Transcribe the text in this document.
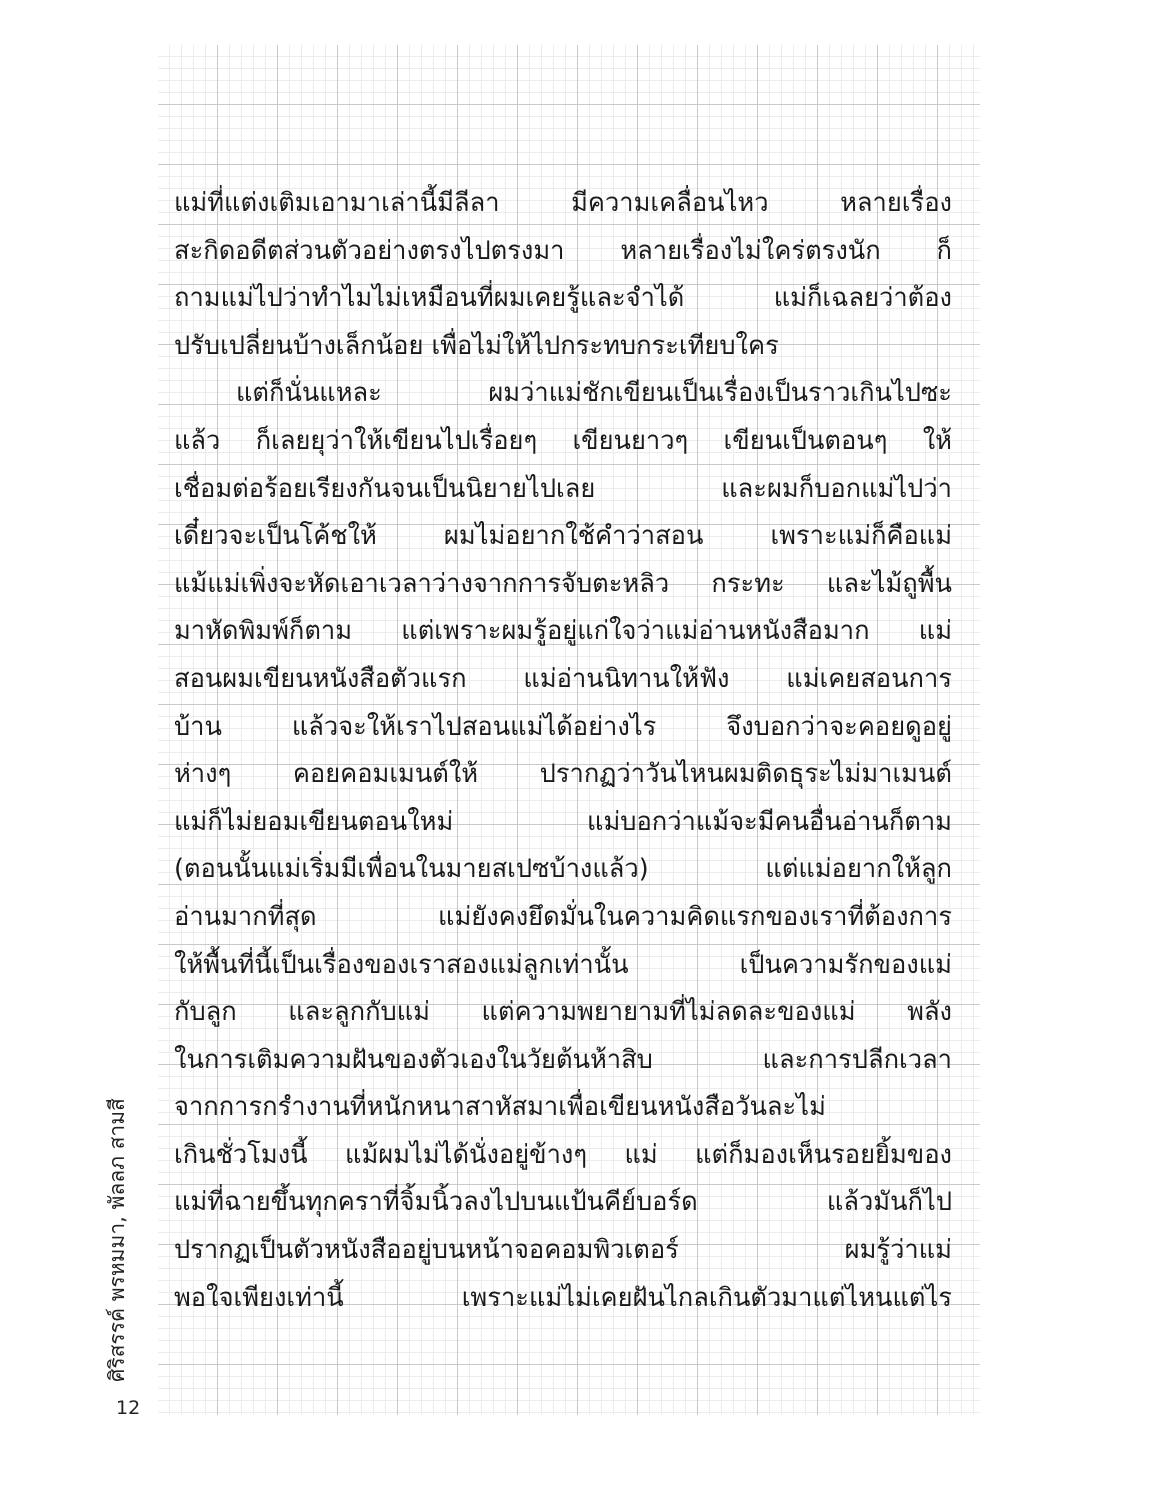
แม่ที่แต่งเติมเอามาเล่านี้มีลีลา มีความเคลื่อนไหว หลายเรื่อง

สะกิดอดีตส่วนตัวอย่างตรงไปตรงมา หลายเรื่องไม่ใคร่ตรงนัก ก็

ถามแม่ไปว่าทำไมไม่เหมือนที่ผมเคยรู้และจำได้ แม่ก็เฉลยว่าต้อง

ปรับเปลี่ยนบ้างเล็กน้อย เพื่อไม่ให้ไปกระทบกระเทียบใคร

แต่ก็นั่นแหละ ผมว่าแม่ชักเขียนเป็นเรื่องเป็นราวเกินไปซะ

แล้ว ก็เลยยุว่าให้เขียนไปเรื่อยๆ เขียนยาวๆ เขียนเป็นตอนๆ ให้

เชื่อมต่อร้อยเรียงกันจนเป็นนิยายไปเลย และผมก็บอกแม่ไปว่า

เดี๋ยวจะเป็นโค้ชให้ ผมไม่อยากใช้คำว่าสอน เพราะแม่ก็คือแม่

แม้แม่เพิ่งจะหัดเอาเวลาว่างจากการจับตะหลิว กระทะ และไม้ถูพื้น

มาหัดพิมพ์ก็ตาม แต่เพราะผมรู้อยู่แก่ใจว่าแม่อ่านหนังสือมาก แม่

สอนผมเขียนหนังสือตัวแรก แม่อ่านนิทานให้ฟัง แม่เคยสอนการ

บ้าน แล้วจะให้เราไปสอนแม่ได้อย่างไร จึงบอกว่าจะคอยดูอยู่

ห่างๆ คอยคอมเมนต์ให้ ปรากฏว่าวันไหนผมติดธุระไม่มาเมนต์

แม่ก็ไม่ยอมเขียนตอนใหม่ แม่บอกว่าแม้จะมีคนอื่นอ่านก็ตาม

(ตอนนั้นแม่เริ่มมีเพื่อนในมายสเปซบ้างแล้ว) แต่แม่อยากให้ลูก

อ่านมากที่สุด แม่ยังคงยึดมั่นในความคิดแรกของเราที่ต้องการ

ให้พื้นที่นี้เป็นเรื่องของเราสองแม่ลูกเท่านั้น เป็นความรักของแม่

กับลูก และลูกกับแม่ แต่ความพยายามที่ไม่ลดละของแม่ พลัง

ในการเติมความฝันของตัวเองในวัยต้นห้าสิบ และการปลีกเวลา

จากการกรำงานที่หนักหนาสาหัสมาเพื่อเขียนหนังสือวันละไม่

เกินชั่วโมงนี้ แม้ผมไม่ได้นั่งอยู่ข้างๆ แม่ แต่ก็มองเห็นรอยยิ้มของ

แม่ที่ฉายขึ้นทุกคราที่จิ้มนิ้วลงไปบนแป้นคีย์บอร์ด แล้วมันก็ไป

ปรากฏเป็นตัวหนังสืออยู่บนหน้าจอคอมพิวเตอร์ ผมรู้ว่าแม่

พอใจเพียงเท่านี้ เพราะแม่ไม่เคยฝันไกลเกินตัวมาแต่ไหนแต่ไร

ศิริสรรค์ พรหมมา, พัลลภ สามสี
12
